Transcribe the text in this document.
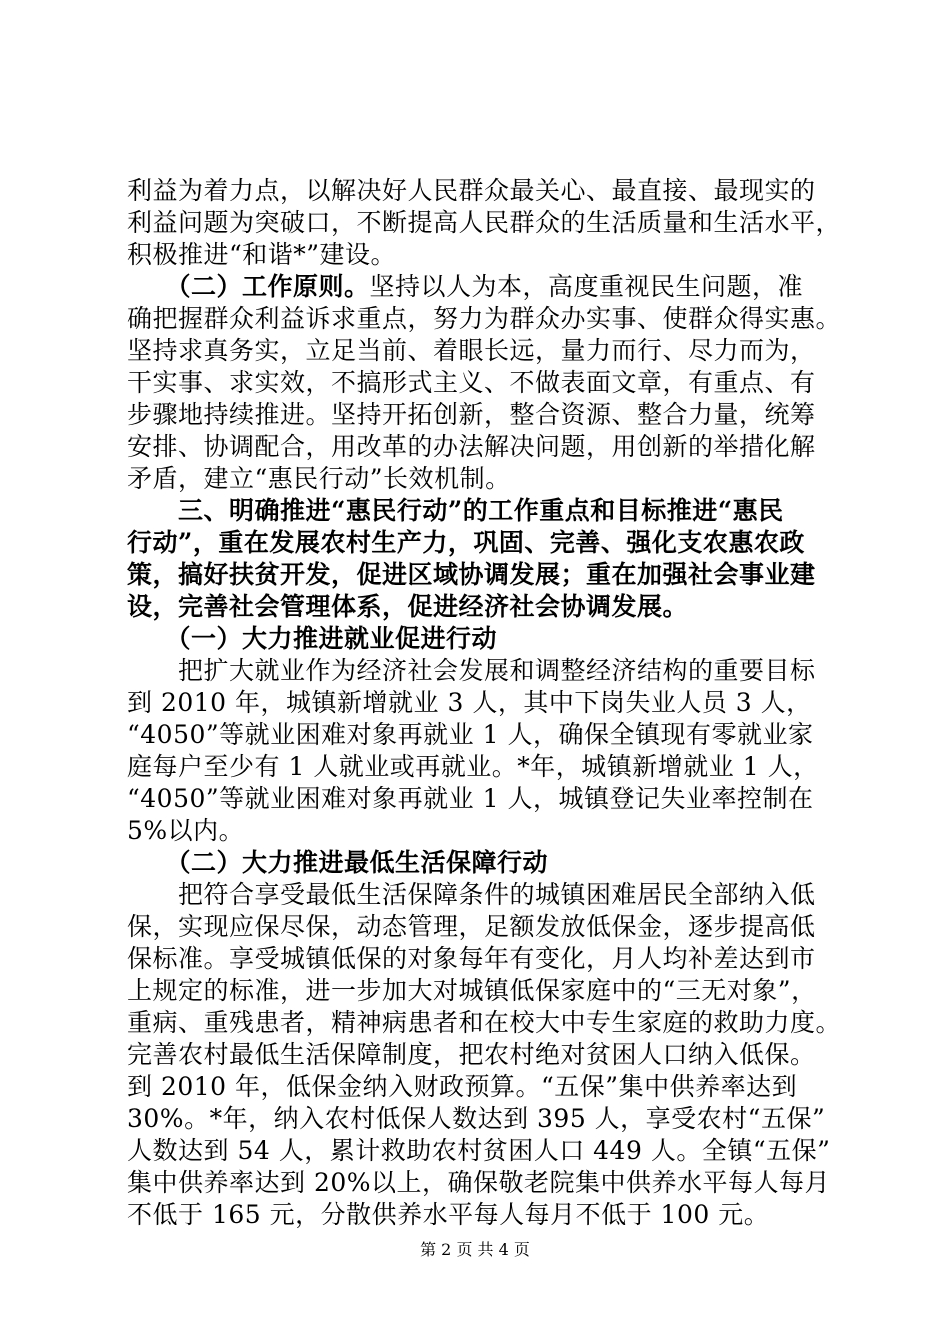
利益为着力点，以解决好人民群众最关心、最直接、最现实的
利益问题为突破口，不断提高人民群众的生活质量和生活水平，
积极推进“和谐*”建设。
　　（二）工作原则。坚持以人为本，高度重视民生问题，准
确把握群众利益诉求重点，努力为群众办实事、使群众得实惠。
坚持求真务实，立足当前、着眼长远，量力而行、尽力而为，
干实事、求实效，不搞形式主义、不做表面文章，有重点、有
步骤地持续推进。坚持开拓创新，整合资源、整合力量，统筹
安排、协调配合，用改革的办法解决问题，用创新的举措化解
矛盾，建立“惠民行动”长效机制。
　　三、明确推进“惠民行动”的工作重点和目标推进“惠民
行动”，重在发展农村生产力，巩固、完善、强化支农惠农政
策，搞好扶贫开发，促进区域协调发展；重在加强社会事业建
设，完善社会管理体系，促进经济社会协调发展。
　　（一）大力推进就业促进行动
　　把扩大就业作为经济社会发展和调整经济结构的重要目标
到 2010 年，城镇新增就业 3 人，其中下岗失业人员 3 人，
“4050”等就业困难对象再就业 1 人，确保全镇现有零就业家
庭每户至少有 1 人就业或再就业。*年，城镇新增就业 1 人，
“4050”等就业困难对象再就业 1 人，城镇登记失业率控制在
5%以内。
　　（二）大力推进最低生活保障行动
　　把符合享受最低生活保障条件的城镇困难居民全部纳入低
保，实现应保尽保，动态管理，足额发放低保金，逐步提高低
保标准。享受城镇低保的对象每年有变化，月人均补差达到市
上规定的标准，进一步加大对城镇低保家庭中的“三无对象”，
重病、重残患者，精神病患者和在校大中专生家庭的救助力度。
完善农村最低生活保障制度，把农村绝对贫困人口纳入低保。
到 2010 年，低保金纳入财政预算。“五保”集中供养率达到
30%。*年，纳入农村低保人数达到 395 人，享受农村“五保”
人数达到 54 人，累计救助农村贫困人口 449 人。全镇“五保”
集中供养率达到 20%以上，确保敬老院集中供养水平每人每月
不低于 165 元，分散供养水平每人每月不低于 100 元。
第 2 页 共 4 页
